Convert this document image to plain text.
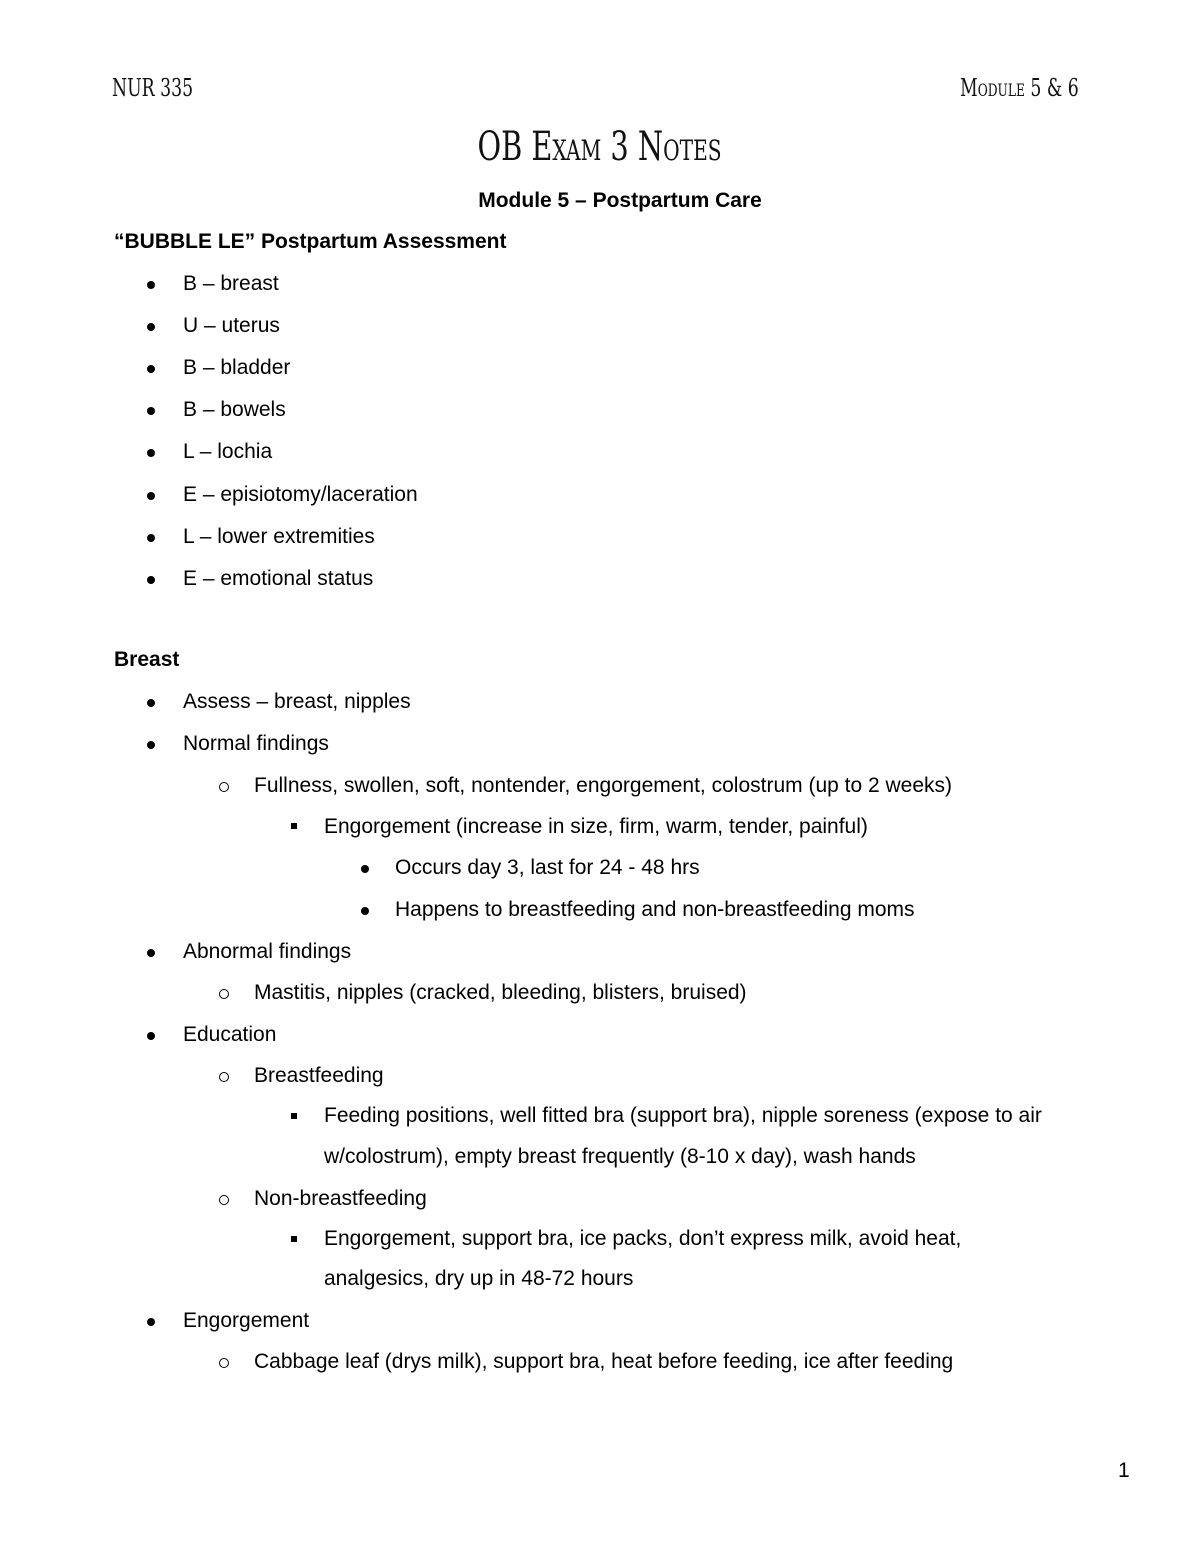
NUR 335	Module 5 & 6
OB Exam 3 Notes
Module 5 – Postpartum Care
“BUBBLE LE” Postpartum Assessment
B – breast
U – uterus
B – bladder
B – bowels
L – lochia
E – episiotomy/laceration
L – lower extremities
E – emotional status
Breast
Assess – breast, nipples
Normal findings
Fullness, swollen, soft, nontender, engorgement, colostrum (up to 2 weeks)
Engorgement (increase in size, firm, warm, tender, painful)
Occurs day 3, last for 24 - 48 hrs
Happens to breastfeeding and non-breastfeeding moms
Abnormal findings
Mastitis, nipples (cracked, bleeding, blisters, bruised)
Education
Breastfeeding
Feeding positions, well fitted bra (support bra), nipple soreness (expose to air
w/colostrum), empty breast frequently (8-10 x day), wash hands
Non-breastfeeding
Engorgement, support bra, ice packs, don’t express milk, avoid heat,
analgesics, dry up in 48-72 hours
Engorgement
Cabbage leaf (drys milk), support bra, heat before feeding, ice after feeding
1
